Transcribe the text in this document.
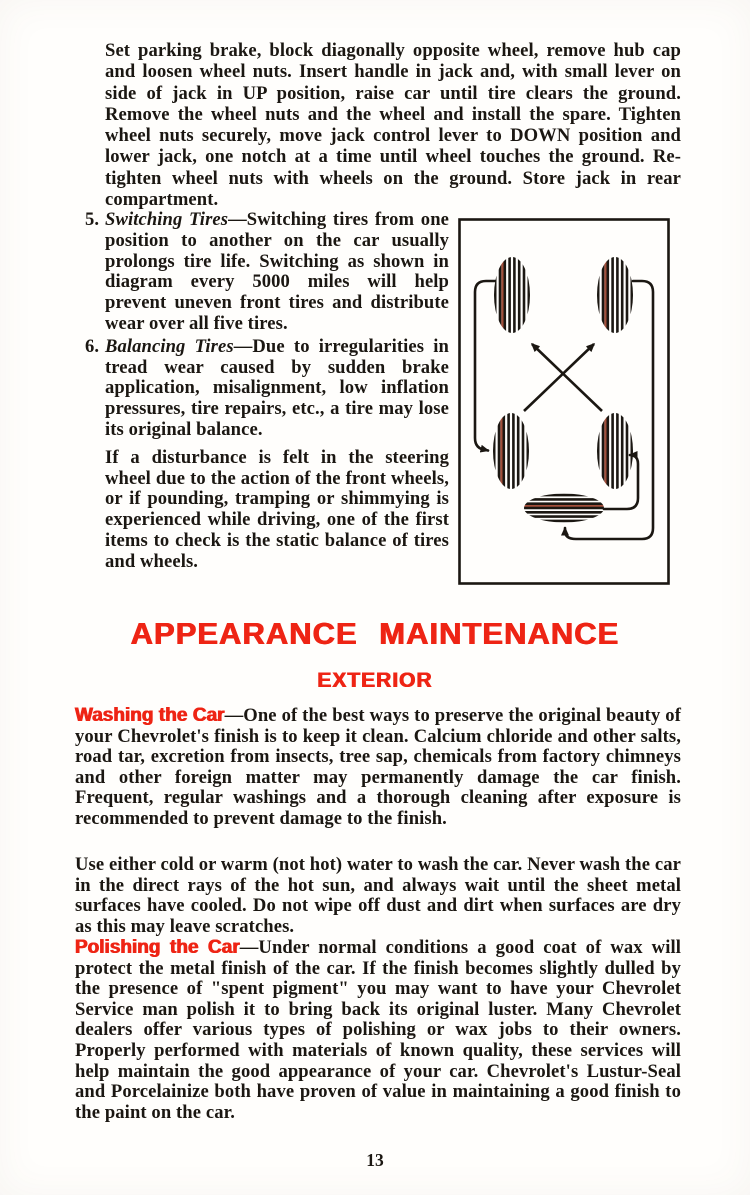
Set parking brake, block diagonally opposite wheel, remove hub cap and loosen wheel nuts. Insert handle in jack and, with small lever on side of jack in UP position, raise car until tire clears the ground. Remove the wheel nuts and the wheel and install the spare. Tighten wheel nuts securely, move jack control lever to DOWN position and lower jack, one notch at a time until wheel touches the ground. Re-tighten wheel nuts with wheels on the ground. Store jack in rear compartment.

5. Switching Tires—Switching tires from one position to another on the car usually prolongs tire life. Switching as shown in diagram every 5000 miles will help prevent uneven front tires and distribute wear over all five tires.

6. Balancing Tires—Due to irregularities in tread wear caused by sudden brake application, misalignment, low inflation pressures, tire repairs, etc., a tire may lose its original balance.

If a disturbance is felt in the steering wheel due to the action of the front wheels, or if pounding, tramping or shimmying is experienced while driving, one of the first items to check is the static balance of tires and wheels.

APPEARANCE MAINTENANCE
EXTERIOR

Washing the Car—One of the best ways to preserve the original beauty of your Chevrolet's finish is to keep it clean. Calcium chloride and other salts, road tar, excretion from insects, tree sap, chemicals from factory chimneys and other foreign matter may permanently damage the car finish. Frequent, regular washings and a thorough cleaning after exposure is recommended to prevent damage to the finish.

Use either cold or warm (not hot) water to wash the car. Never wash the car in the direct rays of the hot sun, and always wait until the sheet metal surfaces have cooled. Do not wipe off dust and dirt when surfaces are dry as this may leave scratches.

Polishing the Car—Under normal conditions a good coat of wax will protect the metal finish of the car. If the finish becomes slightly dulled by the presence of "spent pigment" you may want to have your Chevrolet Service man polish it to bring back its original luster. Many Chevrolet dealers offer various types of polishing or wax jobs to their owners. Properly performed with materials of known quality, these services will help maintain the good appearance of your car. Chevrolet's Lustur-Seal and Porcelainize both have proven of value in maintaining a good finish to the paint on the car.

13
